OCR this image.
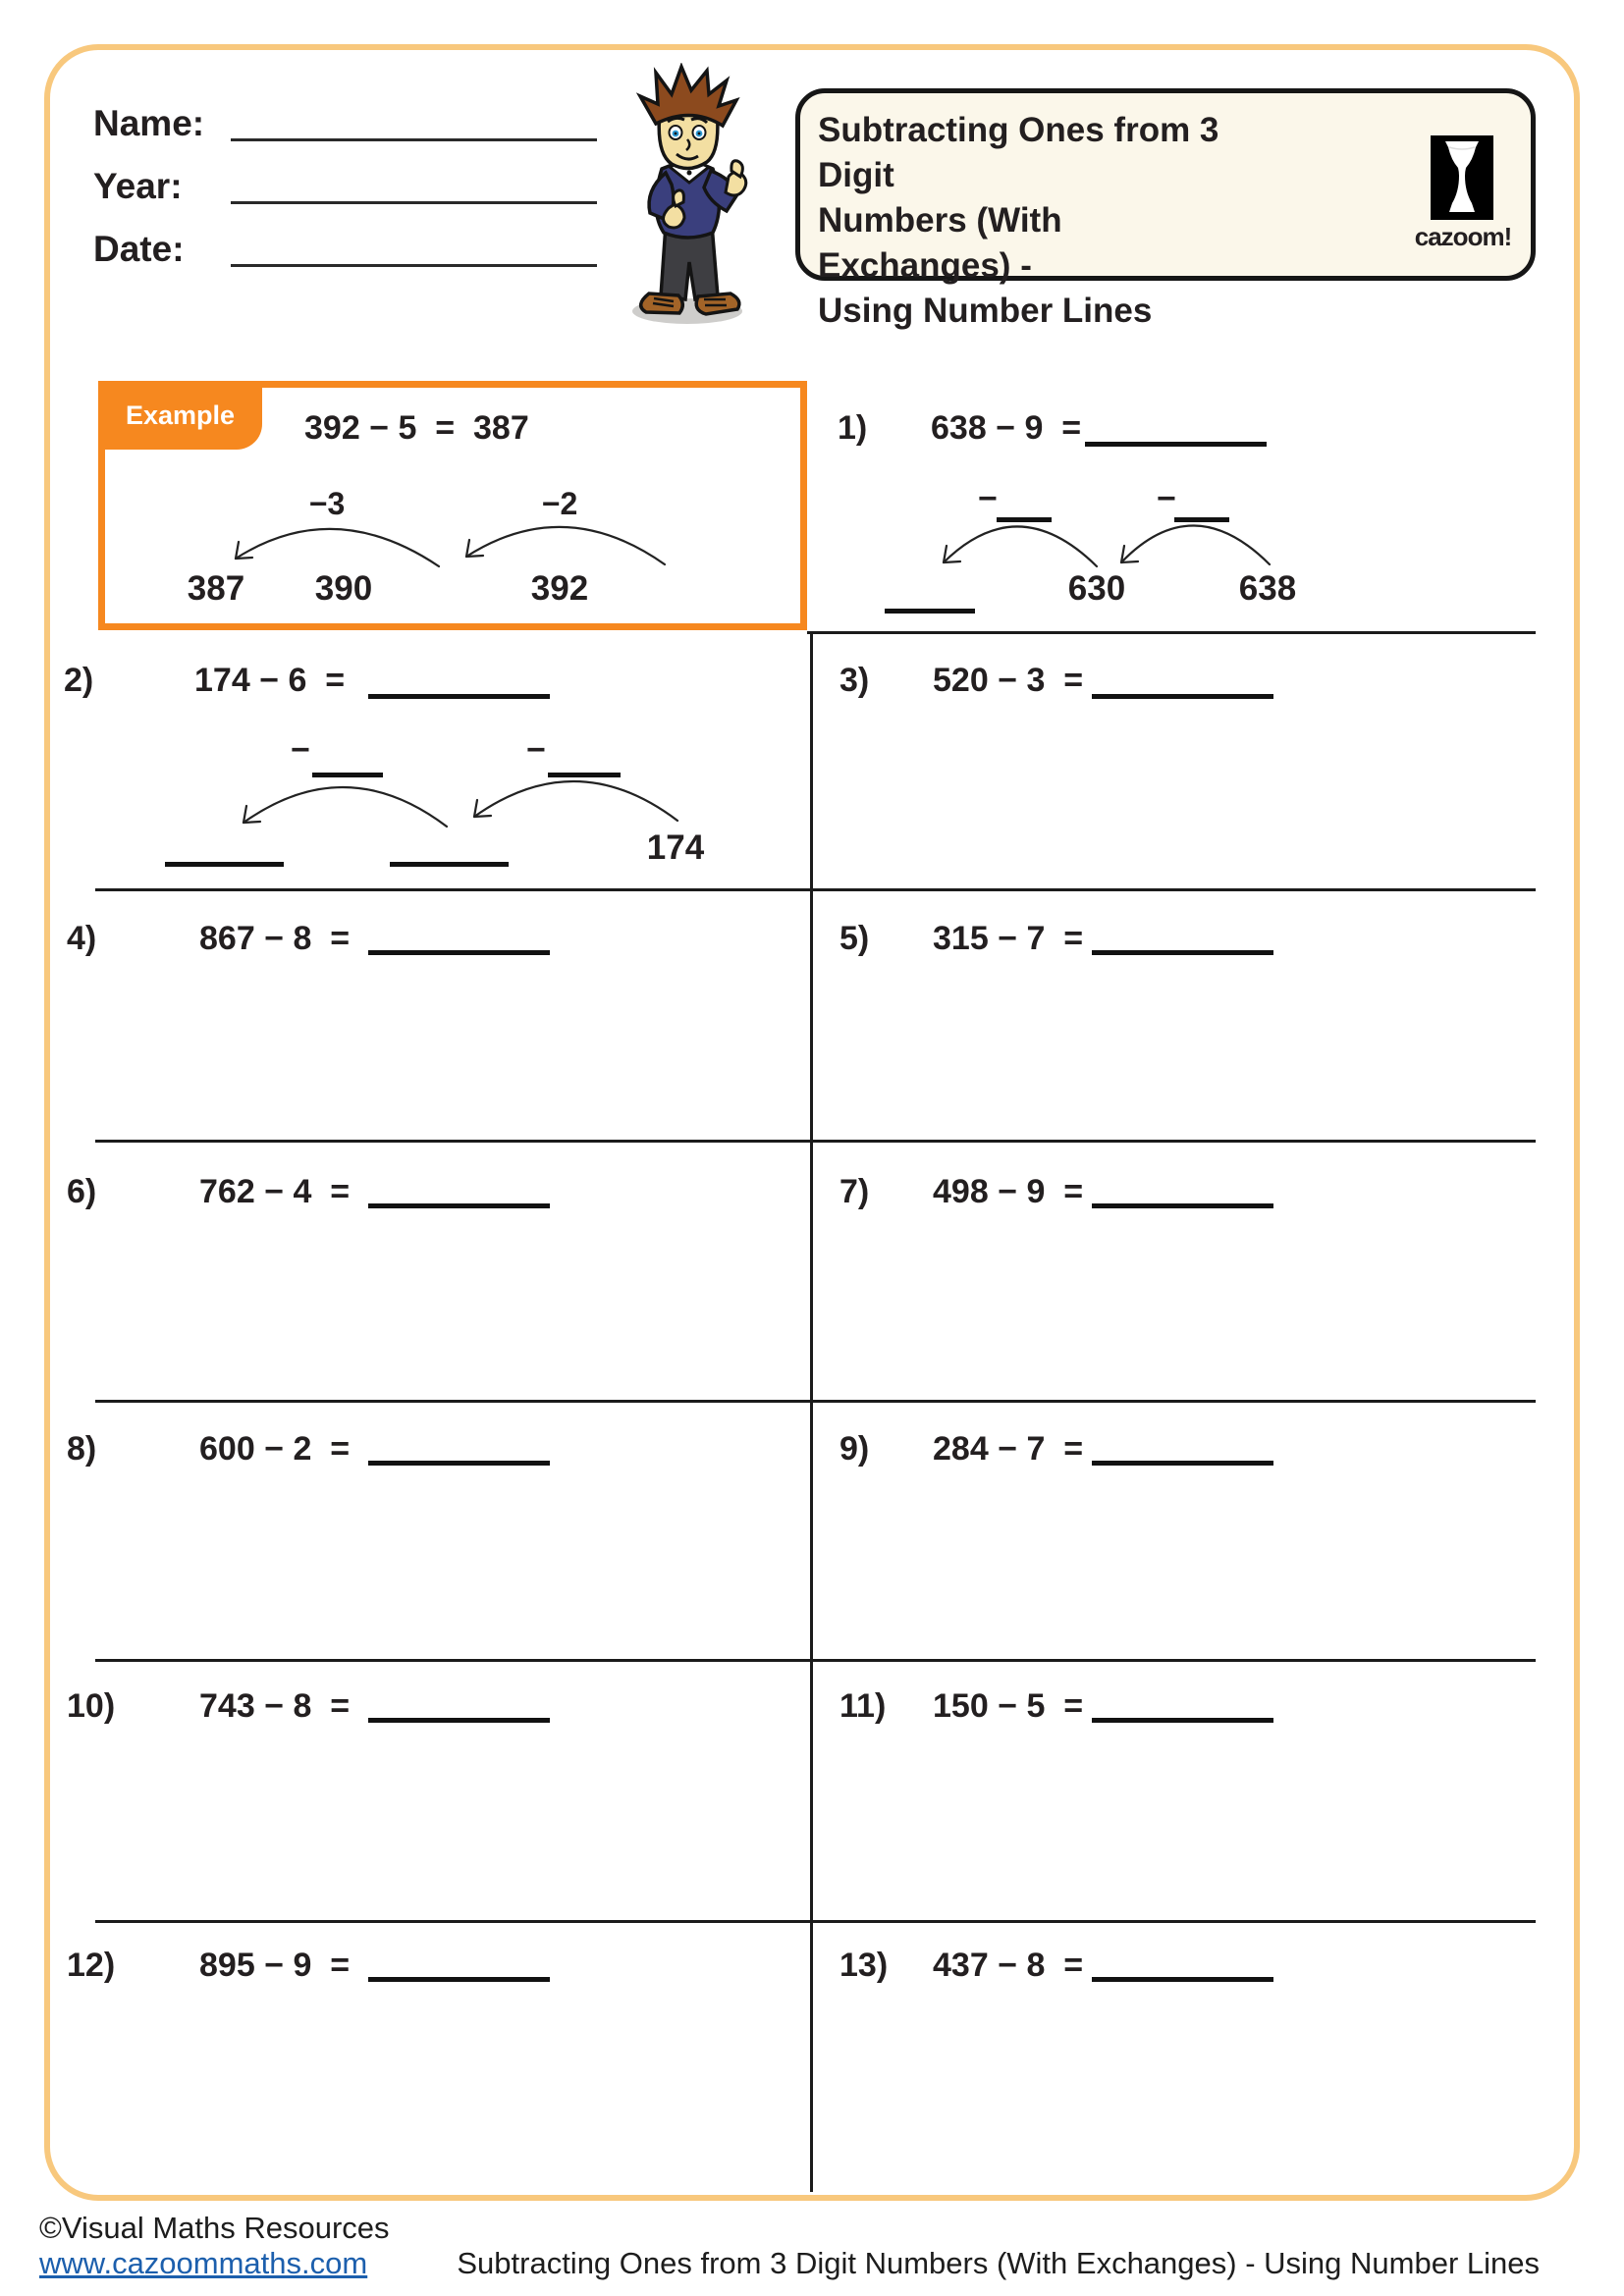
Name:
Year:
Date:
Subtracting Ones from 3 Digit
Numbers (With Exchanges) -
Using Number Lines
cazoom!
Example	392 − 5  =  387
−3	−2
387	390	392
1) 638 − 9  =
−	−
630	638
2)	174 − 6  =
−	−
174
3) 520 − 3  =
4)	867 − 8  =	5) 315 − 7  =
6)	762 − 4  =	7) 498 − 9  =
8)	600 − 2  =	9) 284 − 7  =
10)	743 − 8  =	11) 150 − 5  =
12)	895 − 9  =	13) 437 − 8  =
©Visual Maths Resources
www.cazoommaths.com	Subtracting Ones from 3 Digit Numbers (With Exchanges) - Using Number Lines
